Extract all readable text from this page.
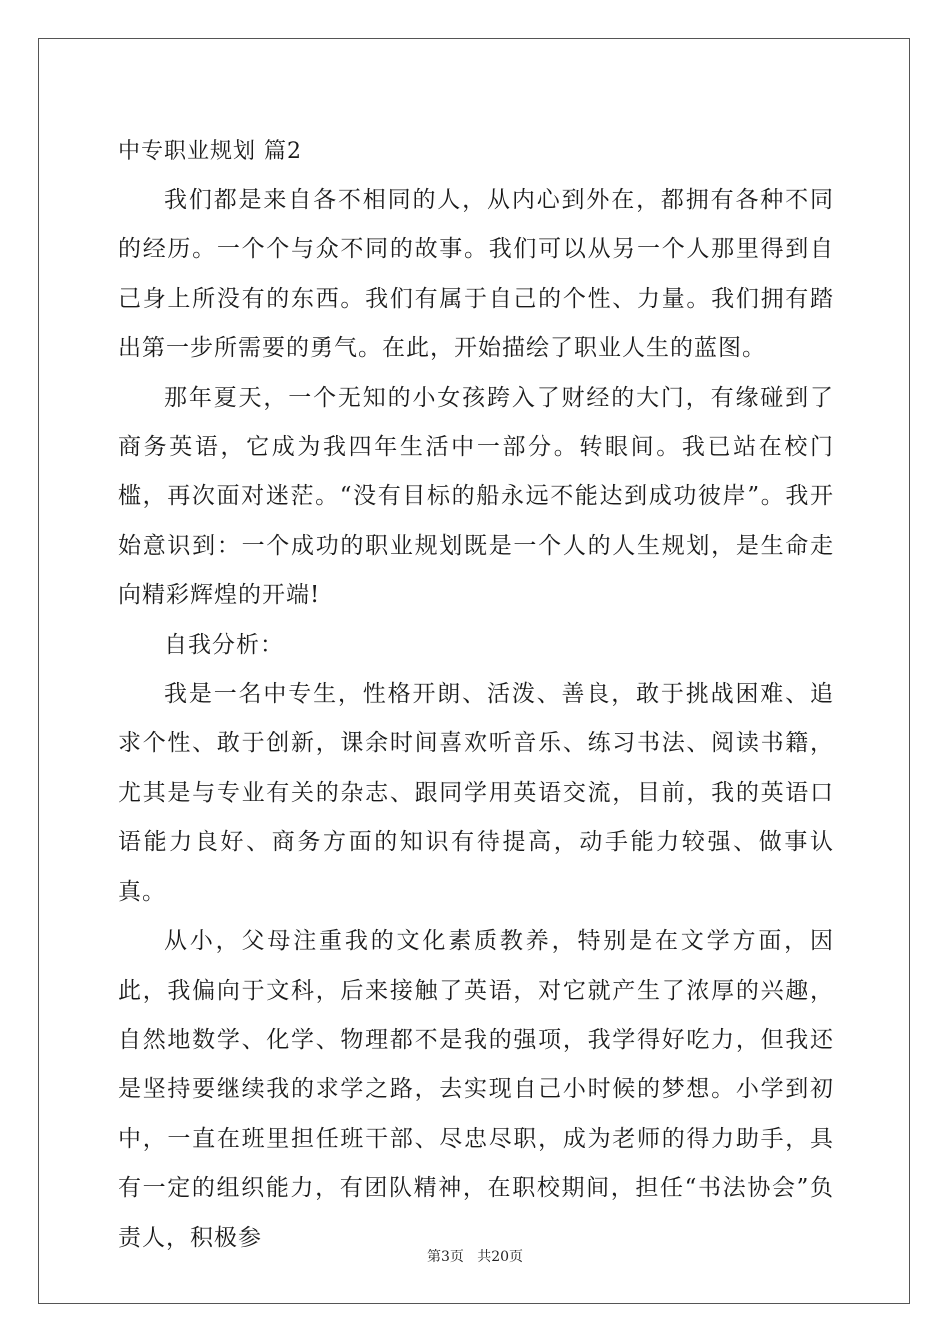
中专职业规划 篇2

我们都是来自各不相同的人，从内心到外在，都拥有各种不同的经历。一个个与众不同的故事。我们可以从另一个人那里得到自己身上所没有的东西。我们有属于自己的个性、力量。我们拥有踏出第一步所需要的勇气。在此，开始描绘了职业人生的蓝图。

那年夏天，一个无知的小女孩跨入了财经的大门，有缘碰到了商务英语，它成为我四年生活中一部分。转眼间。我已站在校门槛，再次面对迷茫。“没有目标的船永远不能达到成功彼岸”。我开始意识到：一个成功的职业规划既是一个人的人生规划，是生命走向精彩辉煌的开端!

自我分析：

我是一名中专生，性格开朗、活泼、善良，敢于挑战困难、追求个性、敢于创新，课余时间喜欢听音乐、练习书法、阅读书籍，尤其是与专业有关的杂志、跟同学用英语交流，目前，我的英语口语能力良好、商务方面的知识有待提高，动手能力较强、做事认真。

从小，父母注重我的文化素质教养，特别是在文学方面，因此，我偏向于文科，后来接触了英语，对它就产生了浓厚的兴趣，自然地数学、化学、物理都不是我的强项，我学得好吃力，但我还是坚持要继续我的求学之路，去实现自己小时候的梦想。小学到初中，一直在班里担任班干部、尽忠尽职，成为老师的得力助手，具有一定的组织能力，有团队精神，在职校期间，担任“书法协会”负责人，积极参

第3页   共20页
